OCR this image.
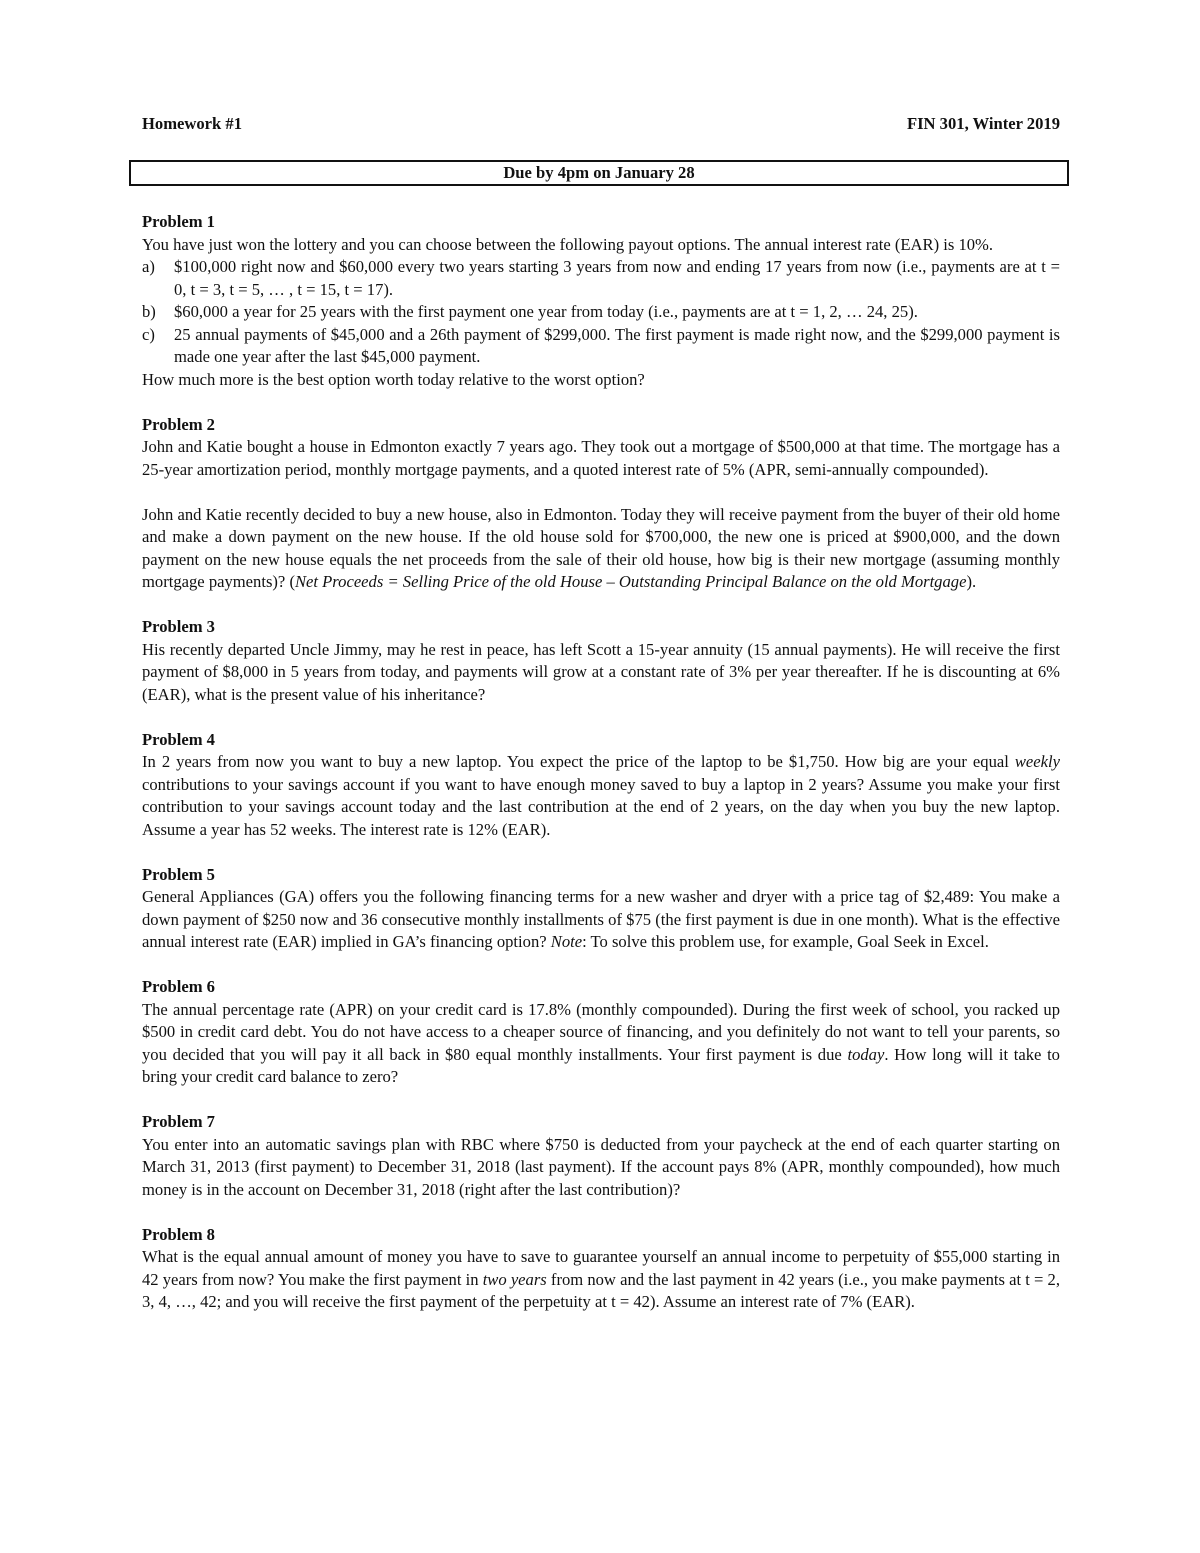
Homework #1	FIN 301, Winter 2019
Due by 4pm on January 28
Problem 1

You have just won the lottery and you can choose between the following payout options. The annual interest rate (EAR) is 10%.

a)	$100,000 right now and $60,000 every two years starting 3 years from now and ending 17 years from now (i.e., payments are at t = 0, t = 3, t = 5, … , t = 15, t = 17).
b)	$60,000 a year for 25 years with the first payment one year from today (i.e., payments are at t = 1, 2, … 24, 25).
c)	25 annual payments of $45,000 and a 26th payment of $299,000. The first payment is made right now, and the $299,000 payment is made one year after the last $45,000 payment.

How much more is the best option worth today relative to the worst option?

Problem 2

John and Katie bought a house in Edmonton exactly 7 years ago. They took out a mortgage of $500,000 at that time. The mortgage has a 25-year amortization period, monthly mortgage payments, and a quoted interest rate of 5% (APR, semi-annually compounded).

John and Katie recently decided to buy a new house, also in Edmonton. Today they will receive payment from the buyer of their old home and make a down payment on the new house. If the old house sold for $700,000, the new one is priced at $900,000, and the down payment on the new house equals the net proceeds from the sale of their old house, how big is their new mortgage (assuming monthly mortgage payments)? (Net Proceeds = Selling Price of the old House – Outstanding Principal Balance on the old Mortgage).

Problem 3

His recently departed Uncle Jimmy, may he rest in peace, has left Scott a 15-year annuity (15 annual payments). He will receive the first payment of $8,000 in 5 years from today, and payments will grow at a constant rate of 3% per year thereafter. If he is discounting at 6% (EAR), what is the present value of his inheritance?

Problem 4

In 2 years from now you want to buy a new laptop. You expect the price of the laptop to be $1,750. How big are your equal weekly contributions to your savings account if you want to have enough money saved to buy a laptop in 2 years? Assume you make your first contribution to your savings account today and the last contribution at the end of 2 years, on the day when you buy the new laptop. Assume a year has 52 weeks. The interest rate is 12% (EAR).

Problem 5

General Appliances (GA) offers you the following financing terms for a new washer and dryer with a price tag of $2,489: You make a down payment of $250 now and 36 consecutive monthly installments of $75 (the first payment is due in one month). What is the effective annual interest rate (EAR) implied in GA’s financing option? Note: To solve this problem use, for example, Goal Seek in Excel.

Problem 6

The annual percentage rate (APR) on your credit card is 17.8% (monthly compounded). During the first week of school, you racked up $500 in credit card debt. You do not have access to a cheaper source of financing, and you definitely do not want to tell your parents, so you decided that you will pay it all back in $80 equal monthly installments. Your first payment is due today. How long will it take to bring your credit card balance to zero?

Problem 7

You enter into an automatic savings plan with RBC where $750 is deducted from your paycheck at the end of each quarter starting on March 31, 2013 (first payment) to December 31, 2018 (last payment). If the account pays 8% (APR, monthly compounded), how much money is in the account on December 31, 2018 (right after the last contribution)?

Problem 8

What is the equal annual amount of money you have to save to guarantee yourself an annual income to perpetuity of $55,000 starting in 42 years from now? You make the first payment in two years from now and the last payment in 42 years (i.e., you make payments at t = 2, 3, 4, …, 42; and you will receive the first payment of the perpetuity at t = 42). Assume an interest rate of 7% (EAR).
